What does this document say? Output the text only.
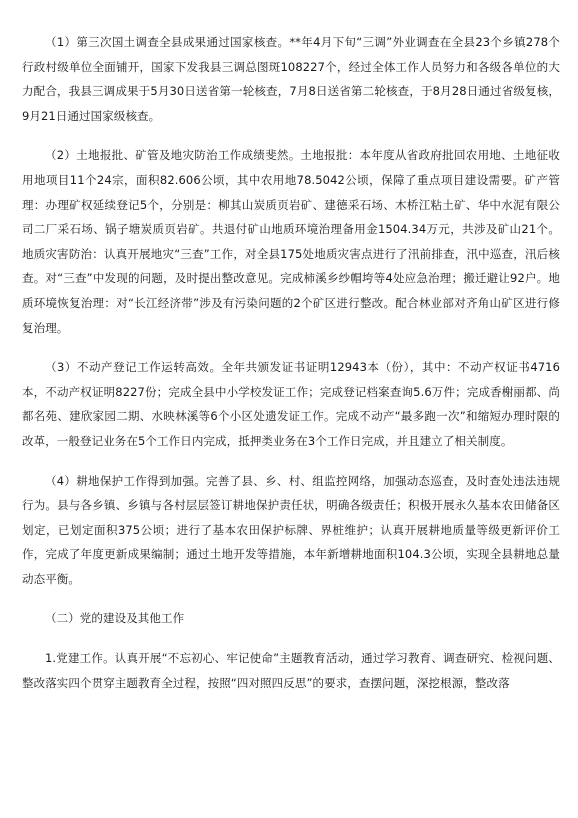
（1）第三次国土调查全县成果通过国家核查。**年4月下旬“三调”外业调查在全县23个乡镇278个行政村级单位全面铺开，国家下发我县三调总图斑108227个，经过全体工作人员努力和各级各单位的大力配合，我县三调成果于5月30日送省第一轮核查，7月8日送省第二轮核查，于8月28日通过省级复核，9月21日通过国家级核查。

（2）土地报批、矿管及地灾防治工作成绩斐然。土地报批：本年度从省政府批回农用地、土地征收用地项目11个24宗，面积82.606公顷，其中农用地78.5042公顷，保障了重点项目建设需要。矿产管理：办理矿权延续登记5个，分别是：柳其山炭质页岩矿、建德采石场、木桥江粘土矿、华中水泥有限公司二厂采石场、锅子塘炭质页岩矿。共退付矿山地质环境治理备用金1504.34万元，共涉及矿山21个。地质灾害防治：认真开展地灾“三查”工作，对全县175处地质灾害点进行了汛前排查，汛中巡查，汛后核查。对“三查”中发现的问题，及时提出整改意见。完成柿溪乡纱帽垮等4处应急治理；搬迁避让92户。地质环境恢复治理：对“长江经济带”涉及有污染问题的2个矿区进行整改。配合林业部对齐角山矿区进行修复治理。

（3）不动产登记工作运转高效。全年共颁发证书证明12943本（份），其中：不动产权证书4716本，不动产权证明8227份；完成全县中小学校发证工作；完成登记档案查询5.6万件；完成香榭丽都、尚都名苑、建欣家园二期、水映林溪等6个小区处遗发证工作。完成不动产“最多跑一次”和缩短办理时限的改革，一般登记业务在5个工作日内完成，抵押类业务在3个工作日完成，并且建立了相关制度。

（4）耕地保护工作得到加强。完善了县、乡、村、组监控网络，加强动态巡查，及时查处违法违规行为。县与各乡镇、乡镇与各村层层签订耕地保护责任状，明确各级责任；积极开展永久基本农田储备区划定，已划定面积375公顷；进行了基本农田保护标牌、界桩维护；认真开展耕地质量等级更新评价工作，完成了年度更新成果编制；通过土地开发等措施，本年新增耕地面积104.3公顷，实现全县耕地总量动态平衡。

（二）党的建设及其他工作

1.党建工作。认真开展“不忘初心、牢记使命”主题教育活动，通过学习教育、调查研究、检视问题、整改落实四个贯穿主题教育全过程，按照“四对照四反思”的要求，查摆问题，深挖根源，整改落
